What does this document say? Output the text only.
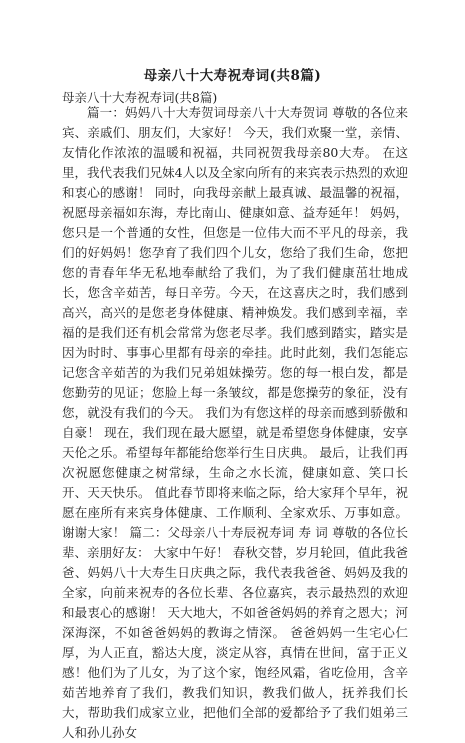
母亲八十大寿祝寿词(共8篇)

母亲八十大寿祝寿词(共8篇)

篇一：妈妈八十大寿贺词母亲八十大寿贺词 尊敬的各位来宾、亲戚们、朋友们，大家好！ 今天，我们欢聚一堂，亲情、友情化作浓浓的温暖和祝福，共同祝贺我母亲80大寿。 在这里，我代表我们兄妹4人以及全家向所有的来宾表示热烈的欢迎和衷心的感谢！ 同时，向我母亲献上最真诚、最温馨的祝福，祝愿母亲福如东海，寿比南山、健康如意、益寿延年！ 妈妈，您只是一个普通的女性，但您是一位伟大而不平凡的母亲，我们的好妈妈！您孕育了我们四个儿女，您给了我们生命，您把您的青春年华无私地奉献给了我们，为了我们健康茁壮地成长，您含辛茹苦，每日辛劳。今天，在这喜庆之时，我们感到高兴，高兴的是您老身体健康、精神焕发。我们感到幸福，幸福的是我们还有机会常常为您老尽孝。我们感到踏实，踏实是因为时时、事事心里都有母亲的牵挂。此时此刻，我们怎能忘记您含辛茹苦的为我们兄弟姐妹操劳。您的每一根白发，都是您勤劳的见证；您脸上每一条皱纹，都是您操劳的象征，没有您，就没有我们的今天。 我们为有您这样的母亲而感到骄傲和自豪！ 现在，我们现在最大愿望，就是希望您身体健康，安享天伦之乐。希望每年都能给您举行生日庆典。 最后，让我们再次祝愿您健康之树常绿，生命之水长流，健康如意、笑口长开、天天快乐。 值此春节即将来临之际，给大家拜个早年，祝愿在座所有来宾身体健康、工作顺利、全家欢乐、万事如意。 谢谢大家！ 篇二：父母亲八十寿辰祝寿词 寿 词 尊敬的各位长辈、亲朋好友： 大家中午好！ 春秋交替，岁月轮回，值此我爸爸、妈妈八十大寿生日庆典之际，我代表我爸爸、妈妈及我的全家，向前来祝寿的各位长辈、各位嘉宾，表示最热烈的欢迎和最衷心的感谢！ 天大地大，不如爸爸妈妈的养育之恩大；河深海深，不如爸爸妈妈的教诲之情深。 爸爸妈妈一生宅心仁厚，为人正直，豁达大度，淡定从容，真情在世间，富于正义感！他们为了儿女，为了这个家，饱经风霜，省吃俭用，含辛茹苦地养育了我们，教我们知识，教我们做人，抚养我们长大，帮助我们成家立业，把他们全部的爱都给予了我们姐弟三人和孙儿孙女
